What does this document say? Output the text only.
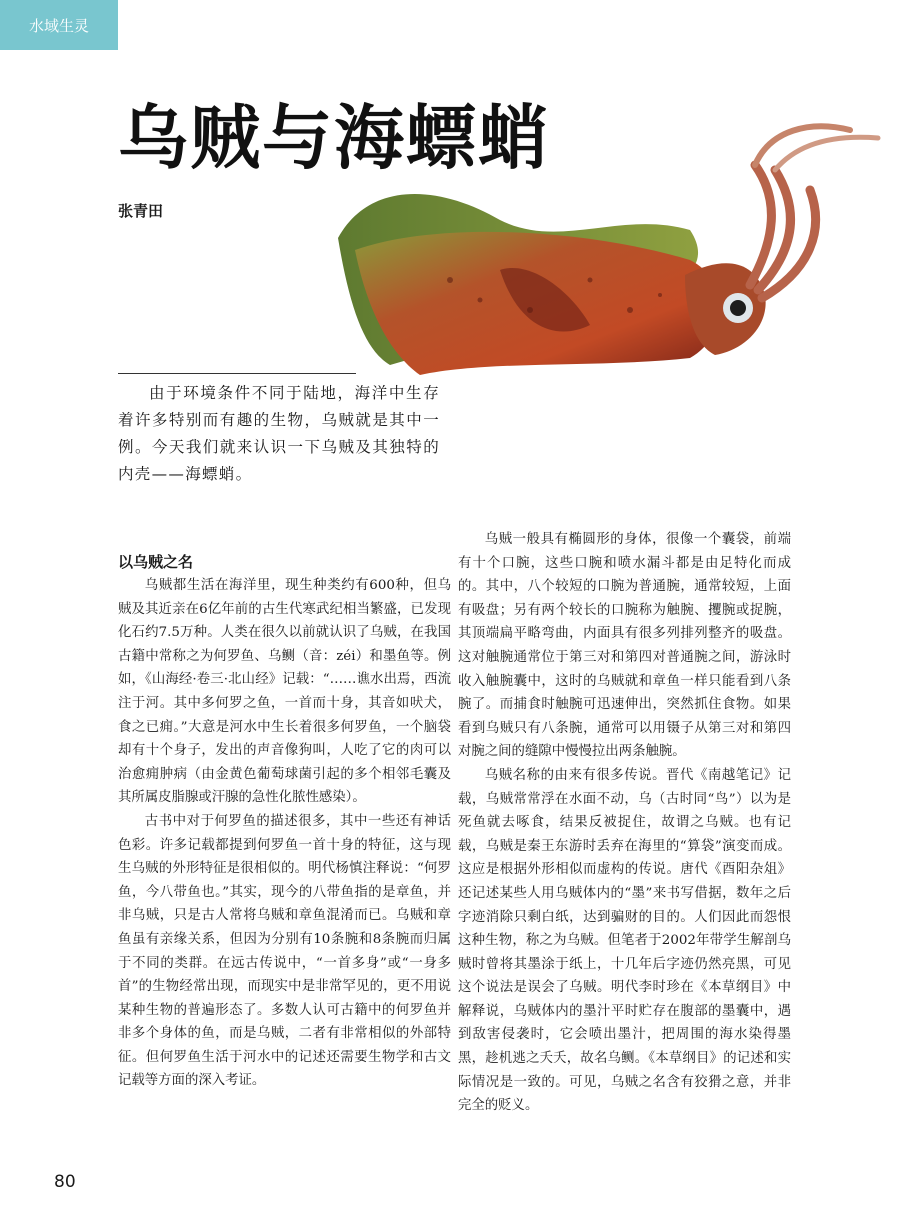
水域生灵
乌贼与海螵蛸
张青田

由于环境条件不同于陆地，海洋中生存着许多特别而有趣的生物，乌贼就是其中一例。今天我们就来认识一下乌贼及其独特的内壳——海螵蛸。

以乌贼之名

乌贼都生活在海洋里，现生种类约有600种，但乌贼及其近亲在6亿年前的古生代寒武纪相当繁盛，已发现化石约7.5万种。人类在很久以前就认识了乌贼，在我国古籍中常称之为何罗鱼、乌鲗（音：zéi）和墨鱼等。例如，《山海经·卷三·北山经》记载：“……谯水出焉，西流注于河。其中多何罗之鱼，一首而十身，其音如吠犬，食之已痈。”大意是河水中生长着很多何罗鱼，一个脑袋却有十个身子，发出的声音像狗叫，人吃了它的肉可以治愈痈肿病（由金黄色葡萄球菌引起的多个相邻毛囊及其所属皮脂腺或汗腺的急性化脓性感染）。

古书中对于何罗鱼的描述很多，其中一些还有神话色彩。许多记载都提到何罗鱼一首十身的特征，这与现生乌贼的外形特征是很相似的。明代杨慎注释说：“何罗鱼，今八带鱼也。”其实，现今的八带鱼指的是章鱼，并非乌贼，只是古人常将乌贼和章鱼混淆而已。乌贼和章鱼虽有亲缘关系，但因为分别有10条腕和8条腕而归属于不同的类群。在远古传说中，“一首多身”或“一身多首”的生物经常出现，而现实中是非常罕见的，更不用说某种生物的普遍形态了。多数人认可古籍中的何罗鱼并非多个身体的鱼，而是乌贼，二者有非常相似的外部特征。但何罗鱼生活于河水中的记述还需要生物学和古文记载等方面的深入考证。

乌贼一般具有椭圆形的身体，很像一个囊袋，前端有十个口腕，这些口腕和喷水漏斗都是由足特化而成的。其中，八个较短的口腕为普通腕，通常较短，上面有吸盘；另有两个较长的口腕称为触腕、攫腕或捉腕，其顶端扁平略弯曲，内面具有很多列排列整齐的吸盘。这对触腕通常位于第三对和第四对普通腕之间，游泳时收入触腕囊中，这时的乌贼就和章鱼一样只能看到八条腕了。而捕食时触腕可迅速伸出，突然抓住食物。如果看到乌贼只有八条腕，通常可以用镊子从第三对和第四对腕之间的缝隙中慢慢拉出两条触腕。

乌贼名称的由来有很多传说。晋代《南越笔记》记载，乌贼常常浮在水面不动，乌（古时同“鸟”）以为是死鱼就去啄食，结果反被捉住，故谓之乌贼。也有记载，乌贼是秦王东游时丢弃在海里的“算袋”演变而成。这应是根据外形相似而虚构的传说。唐代《酉阳杂俎》还记述某些人用乌贼体内的“墨”来书写借据，数年之后字迹消除只剩白纸，达到骗财的目的。人们因此而怨恨这种生物，称之为乌贼。但笔者于2002年带学生解剖乌贼时曾将其墨涂于纸上，十几年后字迹仍然亮黑，可见这个说法是误会了乌贼。明代李时珍在《本草纲目》中解释说，乌贼体内的墨汁平时贮存在腹部的墨囊中，遇到敌害侵袭时，它会喷出墨汁，把周围的海水染得墨黑，趁机逃之夭夭，故名乌鲗。《本草纲目》的记述和实际情况是一致的。可见，乌贼之名含有狡猾之意，并非完全的贬义。

80
